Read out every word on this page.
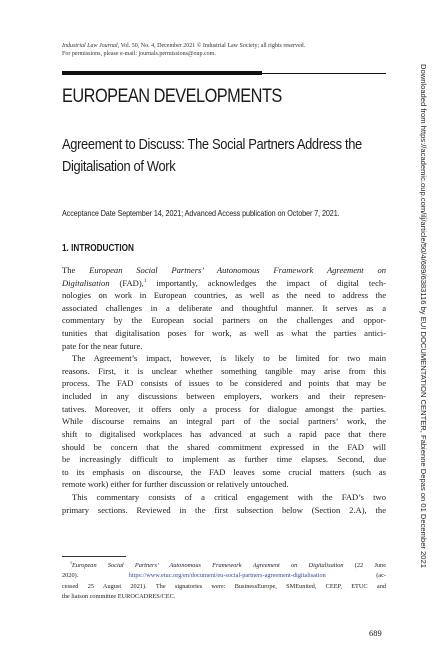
Industrial Law Journal, Vol. 50, No. 4, December 2021 © Industrial Law Society; all rights reserved.
For permissions, please e-mail: journals.permissions@oup.com.
EUROPEAN DEVELOPMENTS
Agreement to Discuss: The Social Partners Address the
Digitalisation of Work
Acceptance Date September 14, 2021; Advanced Access publication on October 7, 2021.
1. INTRODUCTION
The European Social Partners’ Autonomous Framework Agreement on
Digitalisation (FAD),$^1$ importantly, acknowledges the impact of digital tech-
nologies on work in European countries, as well as the need to address the
associated challenges in a deliberate and thoughtful manner. It serves as a
commentary by the European social partners on the challenges and oppor-
tunities that digitalisation poses for work, as well as what the parties antici-
pate for the near future.
The Agreement’s impact, however, is likely to be limited for two main
reasons. First, it is unclear whether something tangible may arise from this
process. The FAD consists of issues to be considered and points that may be
included in any discussions between employers, workers and their represen-
tatives. Moreover, it offers only a process for dialogue amongst the parties.
While discourse remains an integral part of the social partners’ work, the
shift to digitalised workplaces has advanced at such a rapid pace that there
should be concern that the shared commitment expressed in the FAD will
be increasingly difficult to implement as further time elapses. Second, due
to its emphasis on discourse, the FAD leaves some crucial matters (such as
remote work) either for further discussion or relatively untouched.
This commentary consists of a critical engagement with the FAD’s two
primary sections. Reviewed in the first subsection below (Section 2.A), the
$^1$European Social Partners’ Autonomous Framework Agreement on Digitalisation (22 June
2020). https://www.etuc.org/en/document/eu-social-partners-agreement-digitalisation (ac-
cessed 25 August 2021). The signatories were: BusinessEurope, SMEunited, CEEP, ETUC and
the liaison committee EUROCADRES/CEC.
689
Downloaded from https://academic.oup.com/ilj/article/50/4/689/6383116 by EUI DOCUMENTATION CENTER, Fabienne Depas on 01 December 2021
